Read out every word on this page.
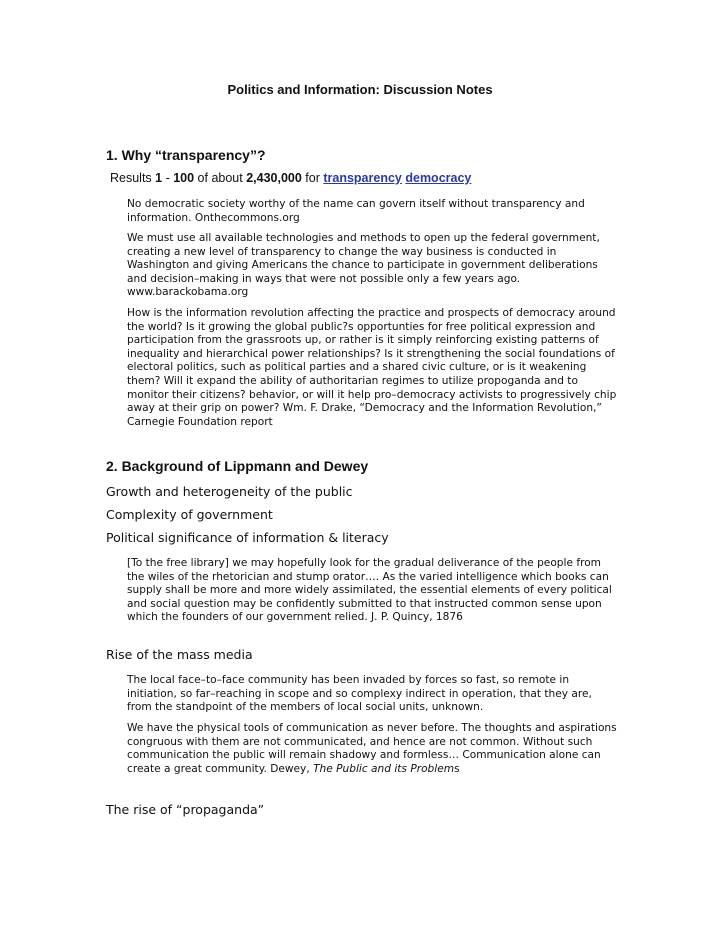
Politics and Information: Discussion Notes
1. Why “transparency”?
Results 1 - 100 of about 2,430,000 for transparency democracy
No democratic society worthy of the name can govern itself without transparency and information. Onthecommons.org
We must use all available technologies and methods to open up the federal government, creating a new level of transparency to change the way business is conducted in Washington and giving Americans the chance to participate in government deliberations and decision–making in ways that were not possible only a few years ago. www.barackobama.org
How is the information revolution affecting the practice and prospects of democracy around the world? Is it growing the global public?s opportunties for free political expression and participation from the grassroots up, or rather is it simply reinforcing existing patterns of inequality and hierarchical power relationships? Is it strengthening the social foundations of electoral politics, such as political parties and a shared civic culture, or is it weakening them? Will it expand the ability of authoritarian regimes to utilize propoganda and to monitor their citizens? behavior, or will it help pro–democracy activists to progressively chip away at their grip on power? Wm. F. Drake, “Democracy and the Information Revolution,” Carnegie Foundation report
2. Background of Lippmann and Dewey
Growth and heterogeneity of the public
Complexity of government
Political significance of information & literacy
[To the free library] we may hopefully look for the gradual deliverance of the people from the wiles of the rhetorician and stump orator…. As the varied intelligence which books can supply shall be more and more widely assimilated, the essential elements of every political and social question may be confidently submitted to that instructed common sense upon which the founders of our government relied. J. P. Quincy, 1876
Rise of the mass media
The local face–to–face community has been invaded by forces so fast, so remote in initiation, so far–reaching in scope and so complexy indirect in operation, that they are, from the standpoint of the members of local social units, unknown.
We have the physical tools of communication as never before. The thoughts and aspirations congruous with them are not communicated, and hence are not common. Without such communication the public will remain shadowy and formless… Communication alone can create a great community. Dewey, The Public and its Problems
The rise of “propaganda”
